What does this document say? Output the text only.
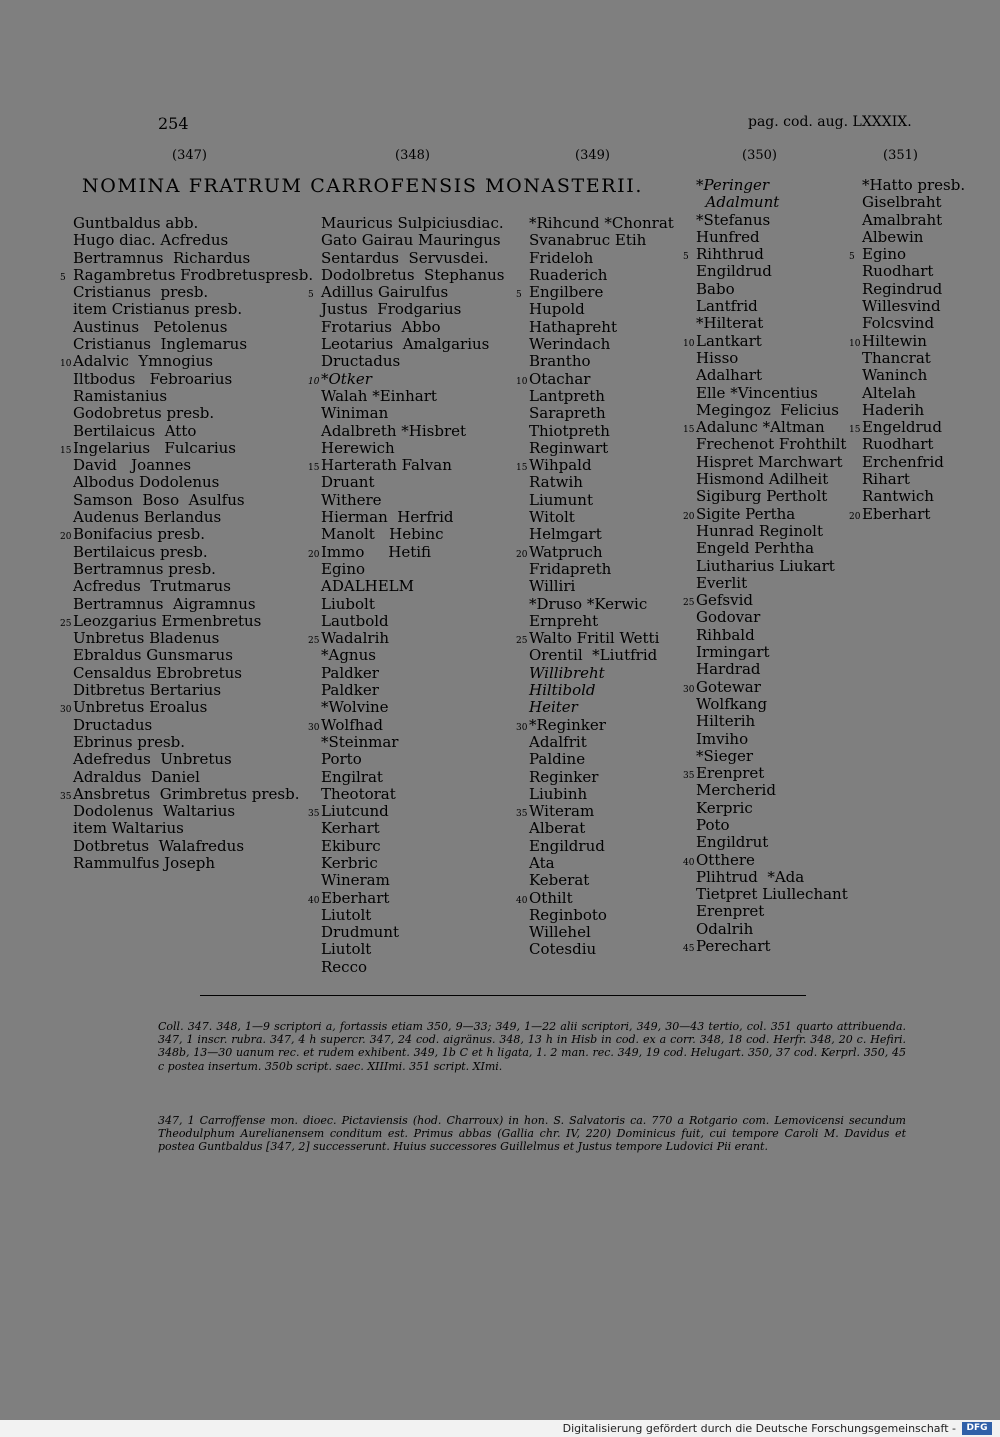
254	pag. cod. aug. LXXXIX.
(347)	(348)	(349)	(350)	(351)
NOMINA FRATRUM CARROFENSIS MONASTERII.
Guntbaldus abb.
Hugo diac. Acfredus
Bertramnus  Richardus
5 Ragambretus Frodbretuspresb.
Cristianus  presb.
item Cristianus presb.
Austinus   Petolenus
Cristianus  Inglemarus
10 Adalvic  Ymnogius
Iltbodus   Febroarius
Ramistanius
Godobretus presb.
Bertilaicus  Atto
15 Ingelarius   Fulcarius
David   Joannes
Albodus Dodolenus
Samson  Boso  Asulfus
Audenus Berlandus
20 Bonifacius presb.
Bertilaicus presb.
Bertramnus presb.
Acfredus  Trutmarus
Bertramnus  Aigramnus
25 Leozgarius Ermenbretus
Unbretus Bladenus
Ebraldus Gunsmarus
Censaldus Ebrobretus
Ditbretus Bertarius
30 Unbretus Eroalus
Dructadus
Ebrinus presb.
Adefredus  Unbretus
Adraldus  Daniel
35 Ansbretus  Grimbretus presb.
Dodolenus  Waltarius
item Waltarius
Dotbretus  Walafredus
Rammulfus Joseph
Mauricus Sulpiciusdiac.
Gato Gairau Mauringus
Sentardus  Servusdei.
Dodolbretus  Stephanus
5 Adillus Gairulfus
Justus  Frodgarius
Frotarius  Abbo
Leotarius  Amalgarius
Dructadus
10 *Otker
Walah *Einhart
Winiman
Adalbreth *Hisbret
Herewich
15 Harterath Falvan
Druant
Withere
Hierman  Herfrid
Manolt   Hebinc
20 Immo     Hetifi
Egino
ADALHELM
Liubolt
Lautbold
25 Wadalrih
*Agnus
Paldker
Paldker
*Wolvine
30 Wolfhad
*Steinmar
Porto
Engilrat
Theotorat
35 Liutcund
Kerhart
Ekiburc
Kerbric
Wineram
40 Eberhart
Liutolt
Drudmunt
Liutolt
Recco
*Rihcund *Chonrat
Svanabruc Etih
Frideloh
Ruaderich
5 Engilbere
Hupold
Hathapreht
Werindach
Brantho
10 Otachar
Lantpreth
Sarapreth
Thiotpreth
Reginwart
15 Wihpald
Ratwih
Liumunt
Witolt
Helmgart
20 Watpruch
Fridapreth
Williri
*Druso *Kerwic
Ernpreht
25 Walto Fritil Wetti
Orentil  *Liutfrid
Willibreht
Hiltibold
Heiter
30 *Reginker
Adalfrit
Paldine
Reginker
Liubinh
35 Witeram
Alberat
Engildrud
Ata
Keberat
40 Othilt
Reginboto
Willehel
Cotesdiu
*Peringer
Adalmunt
*Stefanus
Hunfred
5 Rihthrud
Engildrud
Babo
Lantfrid
*Hilterat
10 Lantkart
Hisso
Adalhart
Elle *Vincentius
Megingoz  Felicius
15 Adalunc *Altman
Frechenot Frohthilt
Hispret Marchwart
Hismond Adilheit
Sigiburg Pertholt
20 Sigite Pertha
Hunrad Reginolt
Engeld Perhtha
Liutharius Liukart
Everlit
25 Gefsvid
Godovar
Rihbald
Irmingart
Hardrad
30 Gotewar
Wolfkang
Hilterih
Imviho
*Sieger
35 Erenpret
Mercherid
Kerpric
Poto
Engildrut
40 Otthere
Plihtrud  *Ada
Tietpret Liullechant
Erenpret
Odalrih
45 Perechart
*Hatto presb.
Giselbraht
Amalbraht
Albewin
5 Egino
Ruodhart
Regindrud
Willesvind
Folcsvind
10 Hiltewin
Thancrat
Waninch
Altelah
Haderih
15 Engeldrud
Ruodhart
Erchenfrid
Rihart
Rantwich
20 Eberhart
Coll. 347. 348, 1—9 scriptori a, fortassis etiam 350, 9—33; 349, 1—22 alii scriptori, 349, 30—43 tertio, col. 351 quarto attribuenda. 347, 1 inscr. rubra. 347, 4 h supercr. 347, 24 cod. aigränus. 348, 13 h in Hisb in cod. ex a corr. 348, 18 cod. Herfr. 348, 20 c. Hefiri. 348b, 13—30 uanum rec. et rudem exhibent. 349, 1b C et h ligata, 1. 2 man. rec. 349, 19 cod. Helugart. 350, 37 cod. Kerprl. 350, 45 c postea insertum. 350b script. saec. XIIImi. 351 script. XImi.
347, 1 Carroffense mon. dioec. Pictaviensis (hod. Charroux) in hon. S. Salvatoris ca. 770 a Rotgario com. Lemovicensi secundum Theodulphum Aurelianensem conditum est. Primus abbas (Gallia chr. IV, 220) Dominicus fuit, cui tempore Caroli M. Davidus et postea Guntbaldus [347, 2] successerunt. Huius successores Guillelmus et Justus tempore Ludovici Pii erant.
Digitalisierung gefördert durch die Deutsche Forschungsgemeinschaft -	DFG
